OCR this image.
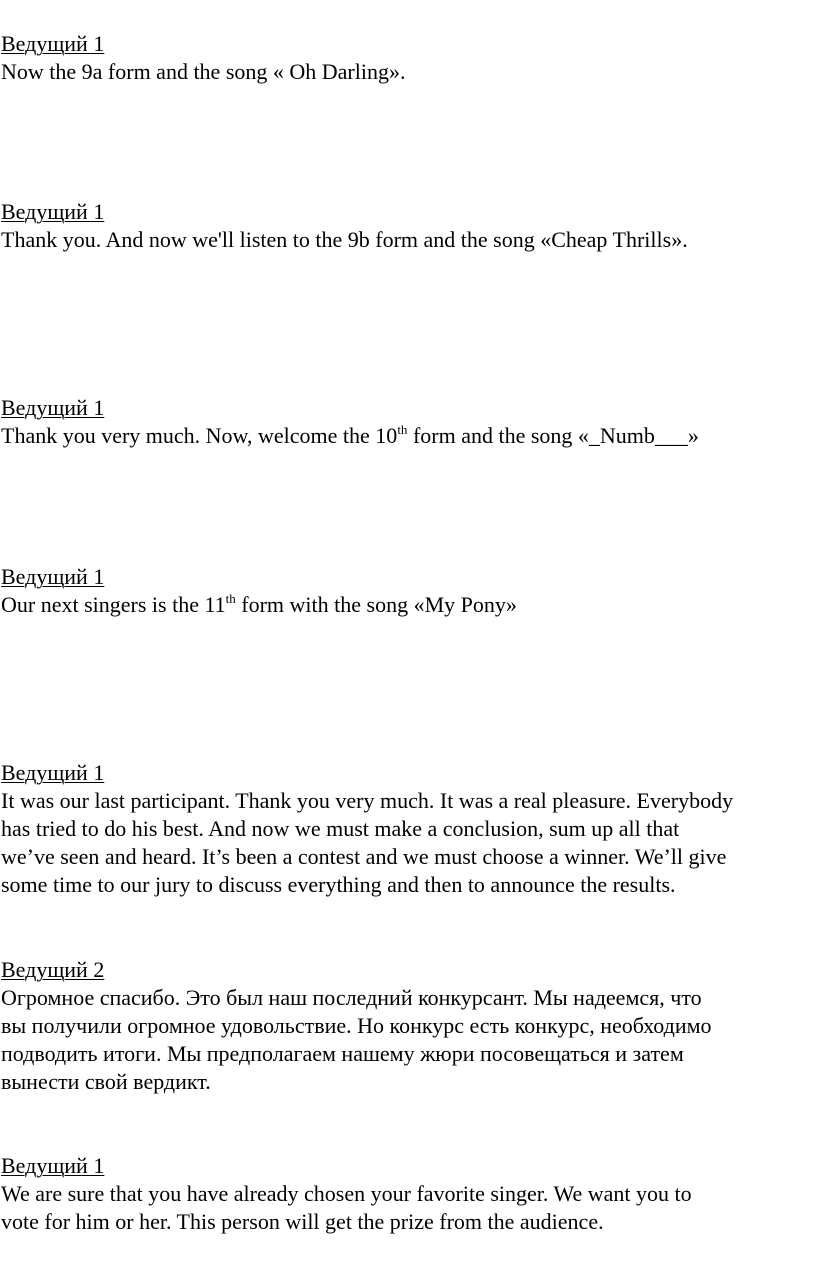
Ведущий 1
Now the 9a form and the song « Oh Darling».
Ведущий 1
Thank you. And now we'll listen to the 9b form and the song «Cheap Thrills».
Ведущий 1
Thank you very much. Now, welcome the 10th form and the song «_Numb___»
Ведущий 1
Our next singers is the 11th form with the song «My Pony»
Ведущий 1
It was our last participant. Thank you very much. It was a real pleasure. Everybody
has tried to do his best. And now we must make a conclusion, sum up all that
we’ve seen and heard. It’s been a contest and we must choose a winner. We’ll give
some time to our jury to discuss everything and then to announce the results.
Ведущий 2
Огромное спасибо. Это был наш последний конкурсант. Мы надеемся, что
вы получили огромное удовольствие. Но конкурс есть конкурс, необходимо
подводить итоги. Мы предполагаем нашему жюри посовещаться и затем
вынести свой вердикт.
Ведущий 1
We are sure that you have already chosen your favorite singer. We want you to
vote for him or her. This person will get the prize from the audience.
